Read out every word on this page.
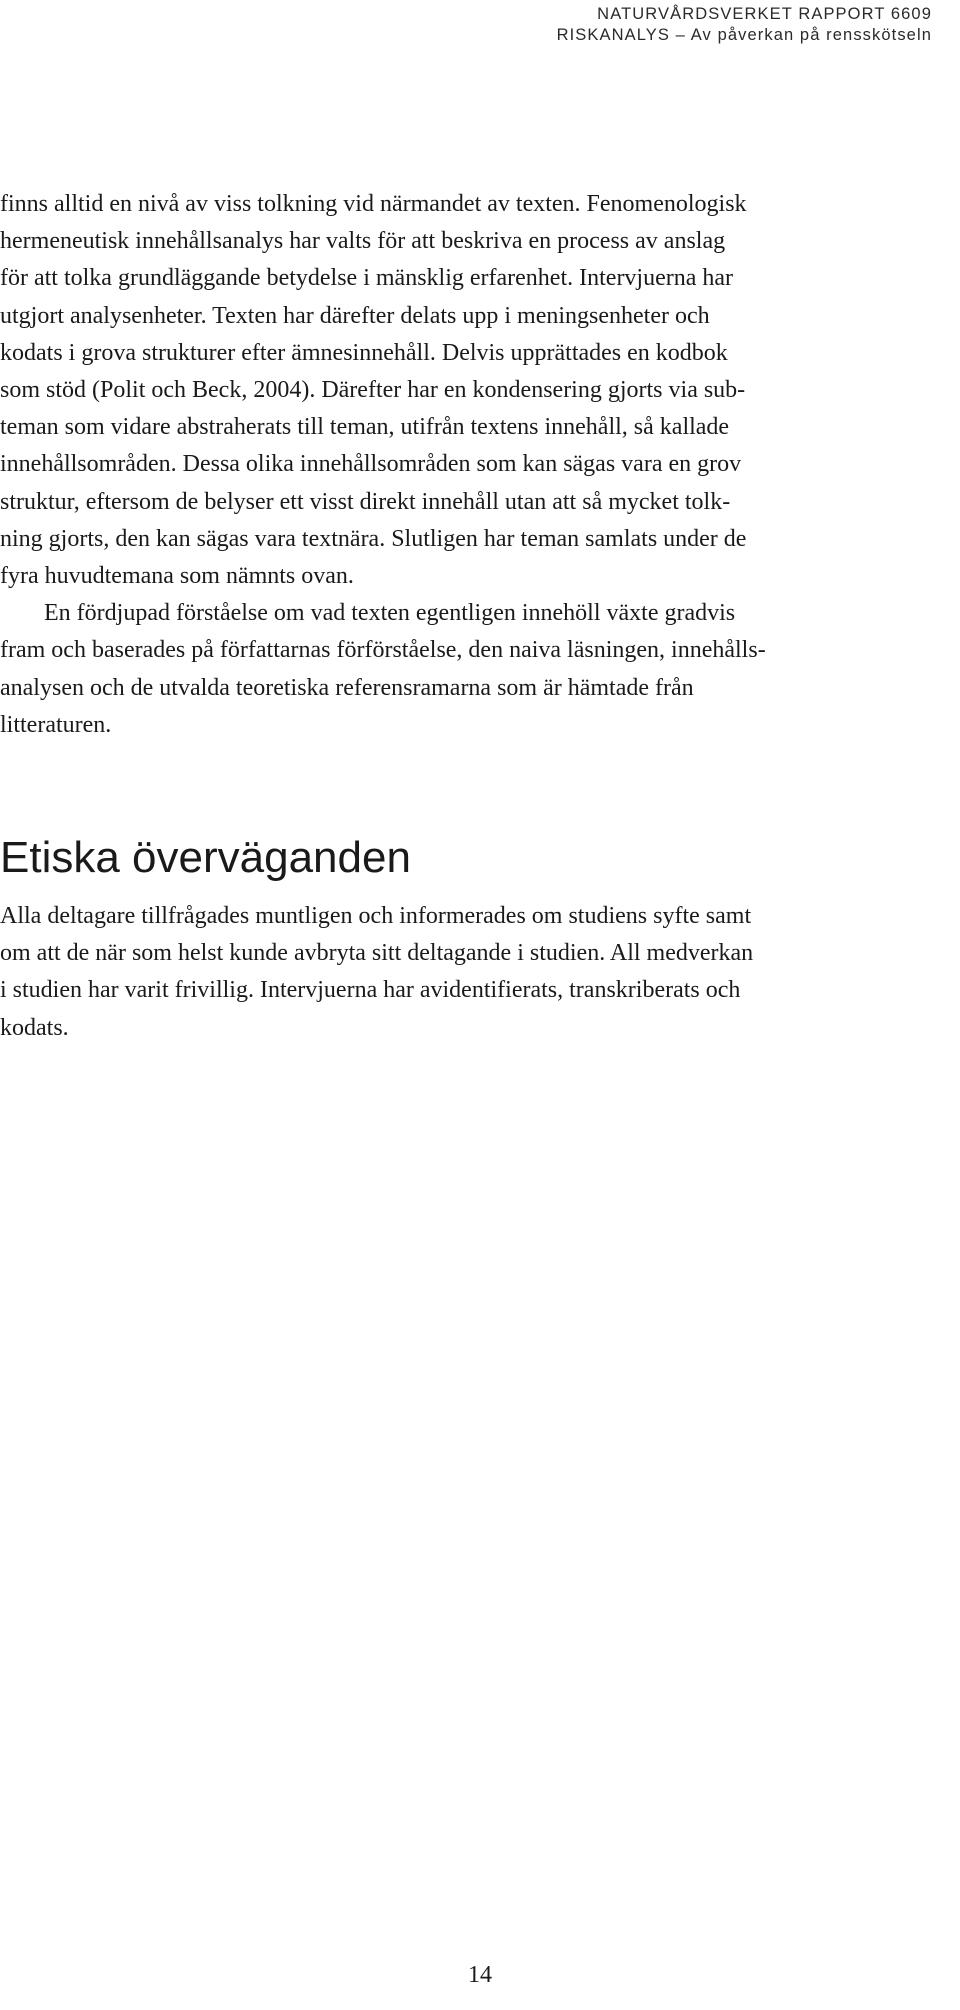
NATURVÅRDSVERKET RAPPORT 6609
RISKANALYS – Av påverkan på rensskötseln

finns alltid en nivå av viss tolkning vid närmandet av texten. Fenomenologisk
hermeneutisk innehållsanalys har valts för att beskriva en process av anslag
för att tolka grundläggande betydelse i mänsklig erfarenhet. Intervjuerna har
utgjort analysenheter. Texten har därefter delats upp i meningsenheter och
kodats i grova strukturer efter ämnesinnehåll. Delvis upprättades en kodbok
som stöd (Polit och Beck, 2004). Därefter har en kondensering gjorts via sub-
teman som vidare abstraherats till teman, utifrån textens innehåll, så kallade
innehållsområden. Dessa olika innehållsområden som kan sägas vara en grov
struktur, eftersom de belyser ett visst direkt innehåll utan att så mycket tolk-
ning gjorts, den kan sägas vara textnära. Slutligen har teman samlats under de
fyra huvudtemana som nämnts ovan.

En fördjupad förståelse om vad texten egentligen innehöll växte gradvis
fram och baserades på författarnas förförståelse, den naiva läsningen, innehålls-
analysen och de utvalda teoretiska referensramarna som är hämtade från
litteraturen.

Etiska överväganden

Alla deltagare tillfrågades muntligen och informerades om studiens syfte samt
om att de när som helst kunde avbryta sitt deltagande i studien. All medverkan
i studien har varit frivillig. Intervjuerna har avidentifierats, transkriberats och
kodats.

14
